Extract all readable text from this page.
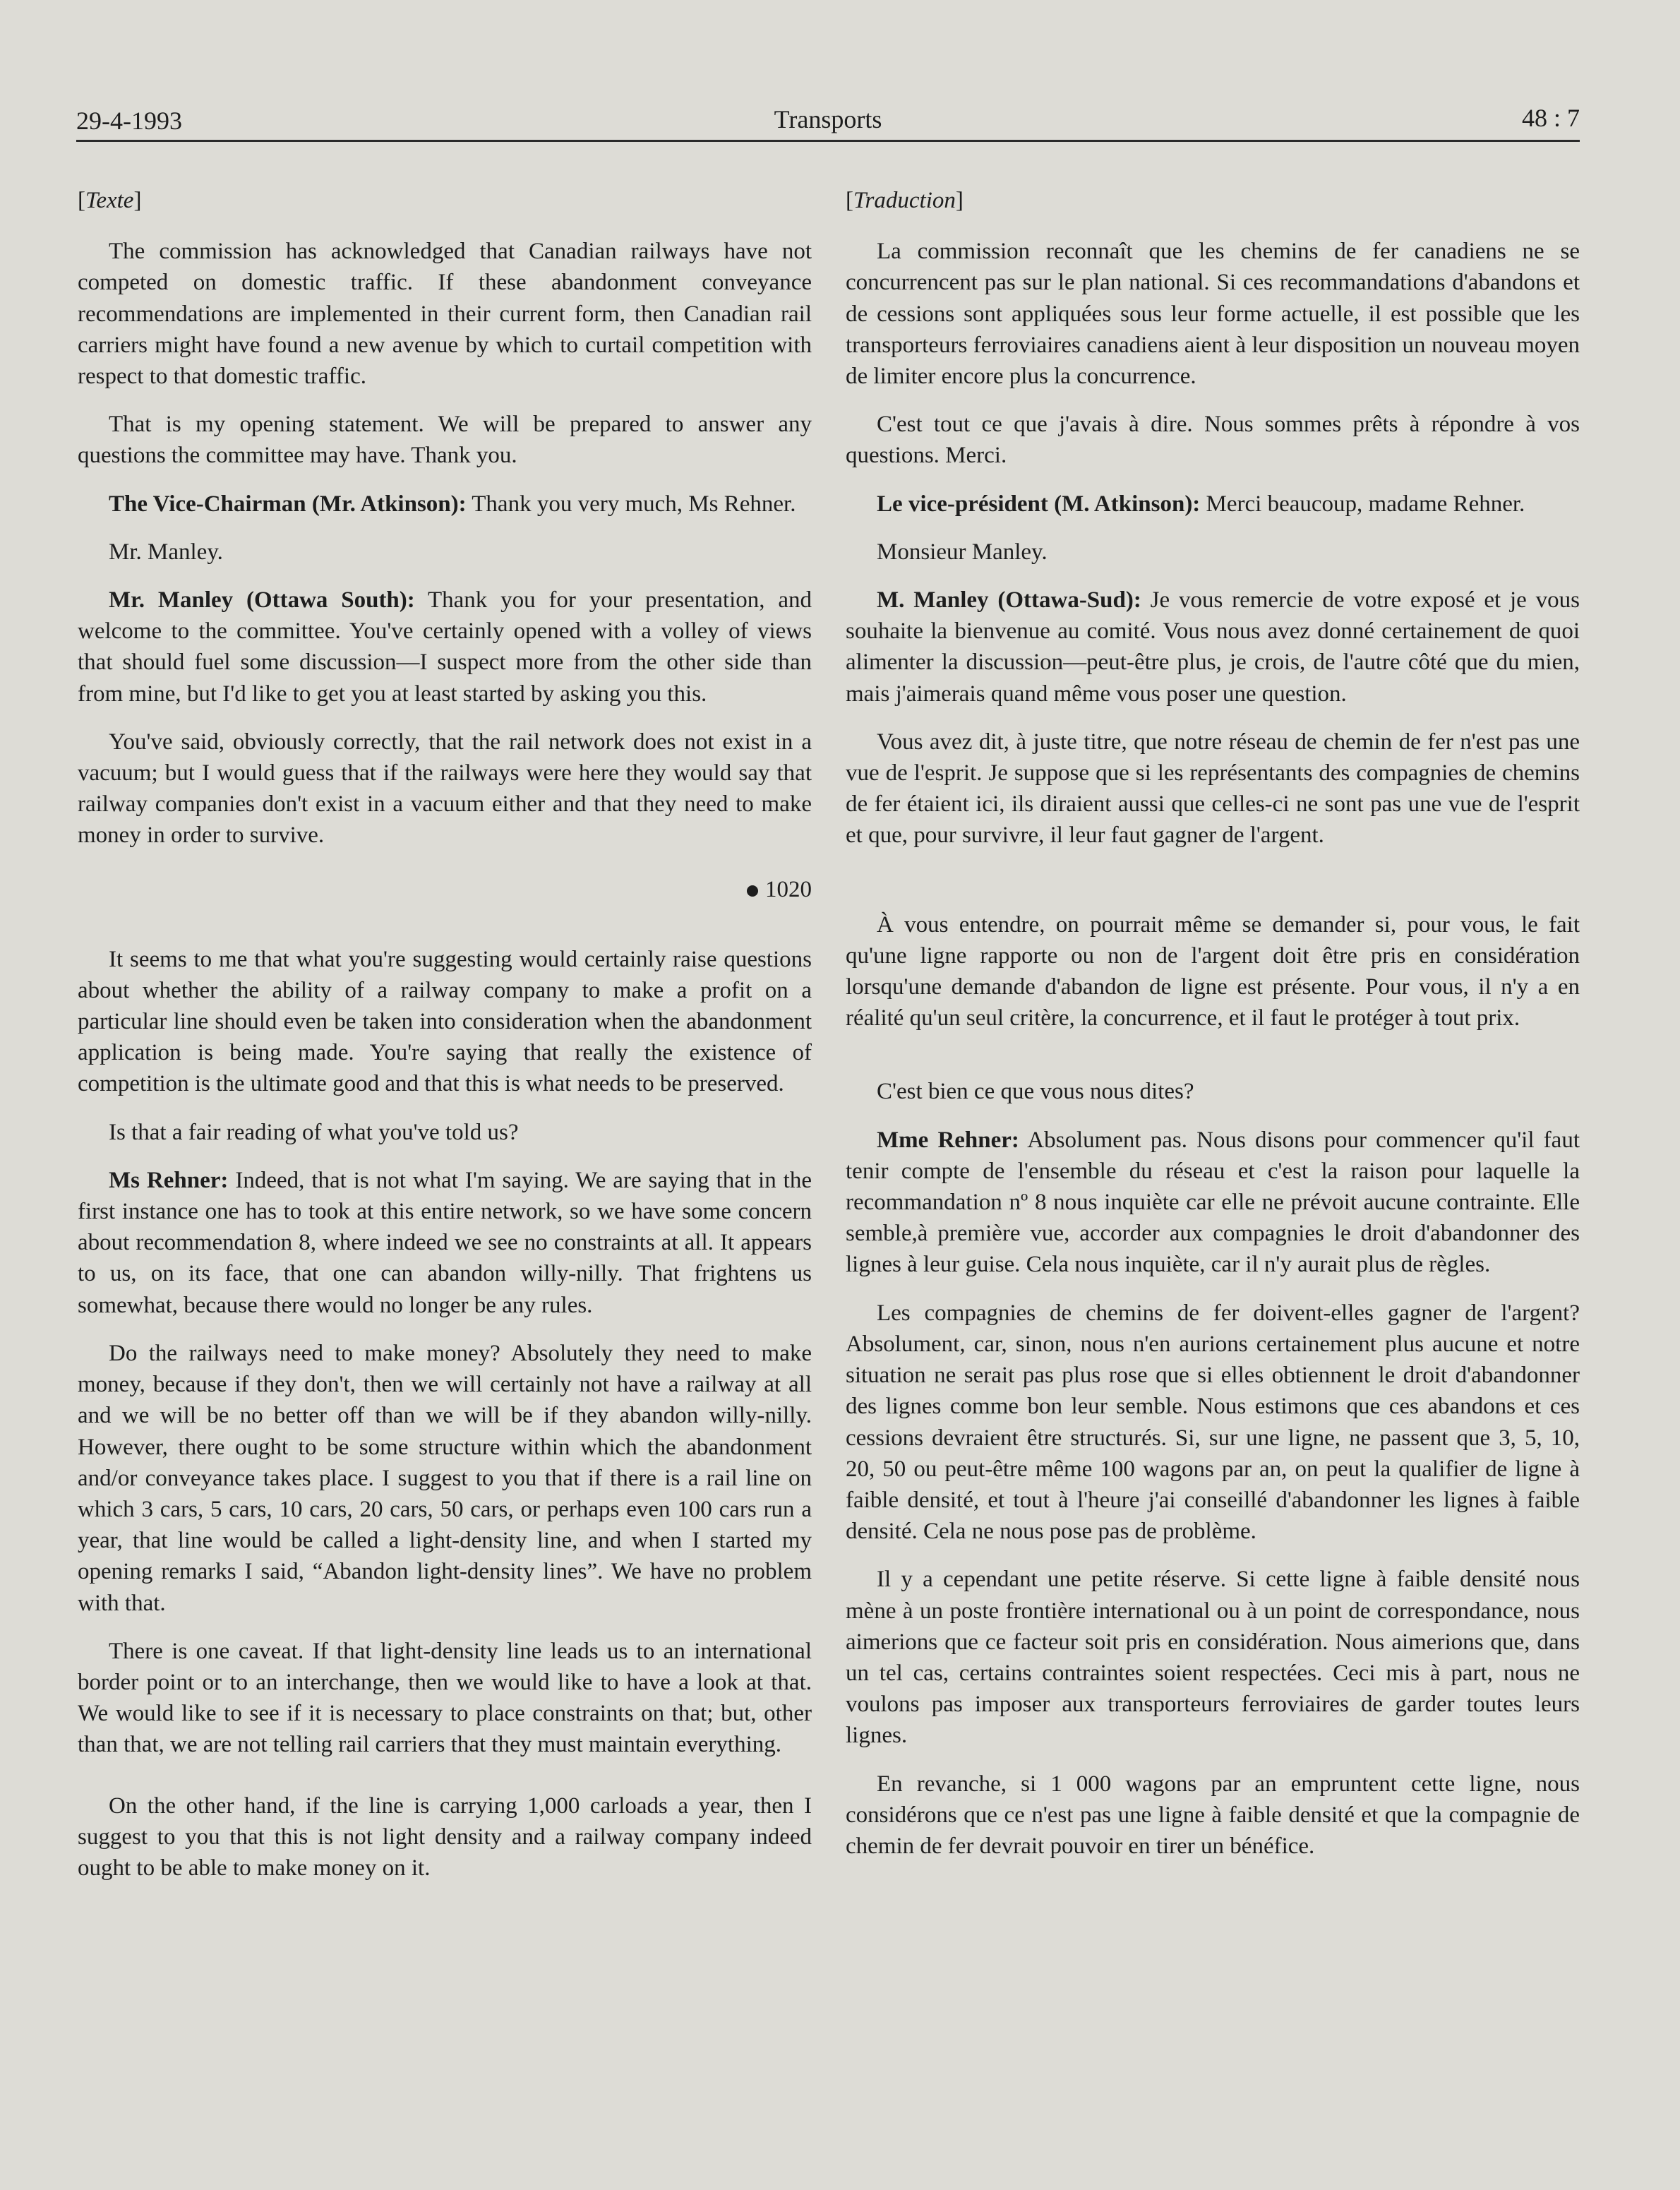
29-4-1993	Transports	48 : 7

[Texte]

The commission has acknowledged that Canadian railways have not competed on domestic traffic. If these abandonment conveyance recommendations are implemented in their current form, then Canadian rail carriers might have found a new avenue by which to curtail competition with respect to that domestic traffic.

That is my opening statement. We will be prepared to answer any questions the committee may have. Thank you.

The Vice-Chairman (Mr. Atkinson): Thank you very much, Ms Rehner.

Mr. Manley.

Mr. Manley (Ottawa South): Thank you for your presentation, and welcome to the committee. You've certainly opened with a volley of views that should fuel some discussion—I suspect more from the other side than from mine, but I'd like to get you at least started by asking you this.

You've said, obviously correctly, that the rail network does not exist in a vacuum; but I would guess that if the railways were here they would say that railway companies don't exist in a vacuum either and that they need to make money in order to survive.

1020

It seems to me that what you're suggesting would certainly raise questions about whether the ability of a railway company to make a profit on a particular line should even be taken into consideration when the abandonment application is being made. You're saying that really the existence of competition is the ultimate good and that this is what needs to be preserved.

Is that a fair reading of what you've told us?

Ms Rehner: Indeed, that is not what I'm saying. We are saying that in the first instance one has to took at this entire network, so we have some concern about recommendation 8, where indeed we see no constraints at all. It appears to us, on its face, that one can abandon willy-nilly. That frightens us somewhat, because there would no longer be any rules.

Do the railways need to make money? Absolutely they need to make money, because if they don't, then we will certainly not have a railway at all and we will be no better off than we will be if they abandon willy-nilly. However, there ought to be some structure within which the abandonment and/or conveyance takes place. I suggest to you that if there is a rail line on which 3 cars, 5 cars, 10 cars, 20 cars, 50 cars, or perhaps even 100 cars run a year, that line would be called a light-density line, and when I started my opening remarks I said, “Abandon light-density lines”. We have no problem with that.

There is one caveat. If that light-density line leads us to an international border point or to an interchange, then we would like to have a look at that. We would like to see if it is necessary to place constraints on that; but, other than that, we are not telling rail carriers that they must maintain everything.

On the other hand, if the line is carrying 1,000 carloads a year, then I suggest to you that this is not light density and a railway company indeed ought to be able to make money on it.

[Traduction]

La commission reconnaît que les chemins de fer canadiens ne se concurrencent pas sur le plan national. Si ces recommandations d'abandons et de cessions sont appliquées sous leur forme actuelle, il est possible que les transporteurs ferroviaires canadiens aient à leur disposition un nouveau moyen de limiter encore plus la concurrence.

C'est tout ce que j'avais à dire. Nous sommes prêts à répondre à vos questions. Merci.

Le vice-président (M. Atkinson): Merci beaucoup, madame Rehner.

Monsieur Manley.

M. Manley (Ottawa-Sud): Je vous remercie de votre exposé et je vous souhaite la bienvenue au comité. Vous nous avez donné certainement de quoi alimenter la discussion—peut-être plus, je crois, de l'autre côté que du mien, mais j'aimerais quand même vous poser une question.

Vous avez dit, à juste titre, que notre réseau de chemin de fer n'est pas une vue de l'esprit. Je suppose que si les représentants des compagnies de chemins de fer étaient ici, ils diraient aussi que celles-ci ne sont pas une vue de l'esprit et que, pour survivre, il leur faut gagner de l'argent.

À vous entendre, on pourrait même se demander si, pour vous, le fait qu'une ligne rapporte ou non de l'argent doit être pris en considération lorsqu'une demande d'abandon de ligne est présente. Pour vous, il n'y a en réalité qu'un seul critère, la concurrence, et il faut le protéger à tout prix.

C'est bien ce que vous nous dites?

Mme Rehner: Absolument pas. Nous disons pour commencer qu'il faut tenir compte de l'ensemble du réseau et c'est la raison pour laquelle la recommandation nº 8 nous inquiète car elle ne prévoit aucune contrainte. Elle semble,à première vue, accorder aux compagnies le droit d'abandonner des lignes à leur guise. Cela nous inquiète, car il n'y aurait plus de règles.

Les compagnies de chemins de fer doivent-elles gagner de l'argent? Absolument, car, sinon, nous n'en aurions certainement plus aucune et notre situation ne serait pas plus rose que si elles obtiennent le droit d'abandonner des lignes comme bon leur semble. Nous estimons que ces abandons et ces cessions devraient être structurés. Si, sur une ligne, ne passent que 3, 5, 10, 20, 50 ou peut-être même 100 wagons par an, on peut la qualifier de ligne à faible densité, et tout à l'heure j'ai conseillé d'abandonner les lignes à faible densité. Cela ne nous pose pas de problème.

Il y a cependant une petite réserve. Si cette ligne à faible densité nous mène à un poste frontière international ou à un point de correspondance, nous aimerions que ce facteur soit pris en considération. Nous aimerions que, dans un tel cas, certains contraintes soient respectées. Ceci mis à part, nous ne voulons pas imposer aux transporteurs ferroviaires de garder toutes leurs lignes.

En revanche, si 1 000 wagons par an empruntent cette ligne, nous considérons que ce n'est pas une ligne à faible densité et que la compagnie de chemin de fer devrait pouvoir en tirer un bénéfice.
